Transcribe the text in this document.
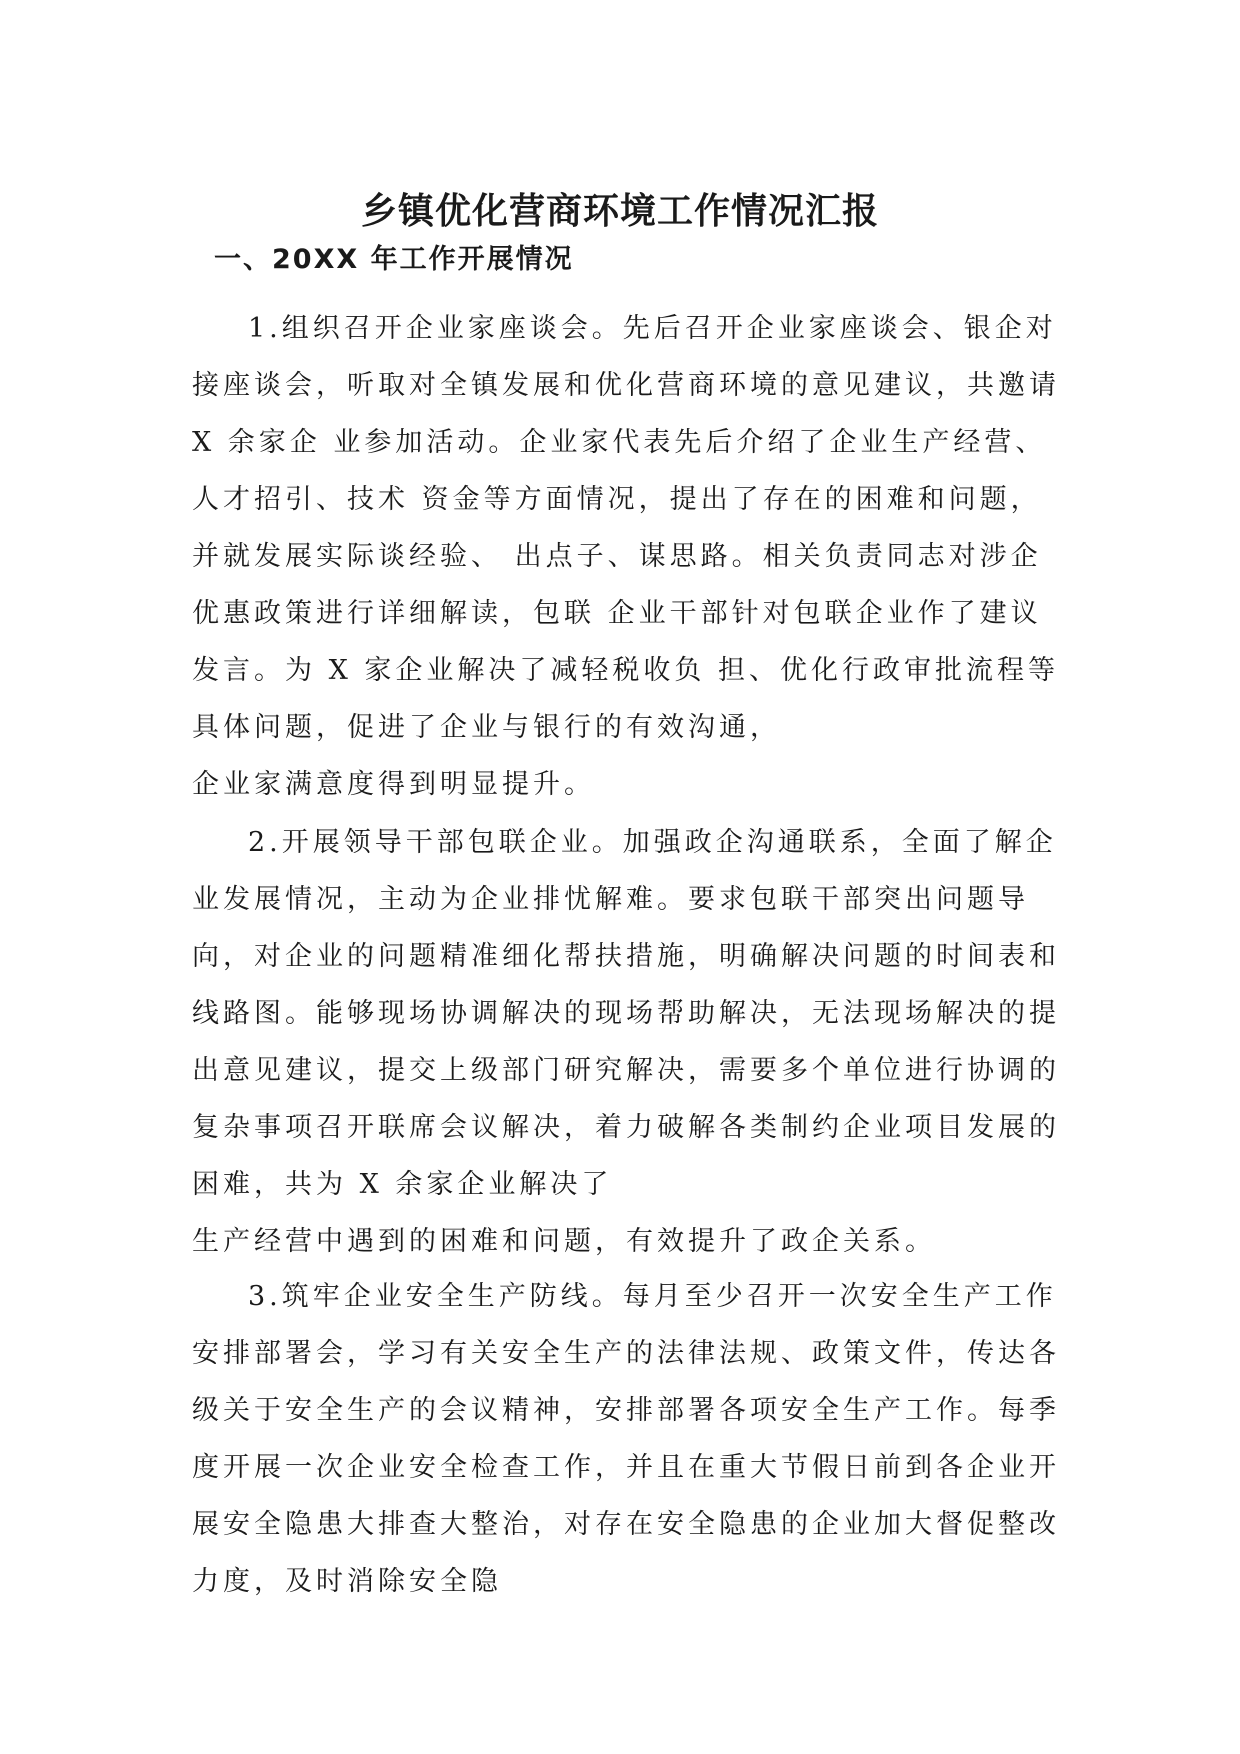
乡镇优化营商环境工作情况汇报
一、20XX 年工作开展情况

1.组织召开企业家座谈会。先后召开企业家座谈会、银企对接座谈会，听取对全镇发展和优化营商环境的意见建议，共邀请 X 余家企 业参加活动。企业家代表先后介绍了企业生产经营、人才招引、技术 资金等方面情况，提出了存在的困难和问题，并就发展实际谈经验、 出点子、谋思路。相关负责同志对涉企优惠政策进行详细解读，包联 企业干部针对包联企业作了建议发言。为 X 家企业解决了减轻税收负 担、优化行政审批流程等具体问题，促进了企业与银行的有效沟通，

企业家满意度得到明显提升。

2.开展领导干部包联企业。加强政企沟通联系，全面了解企业发展情况，主动为企业排忧解难。要求包联干部突出问题导向，对企业的问题精准细化帮扶措施，明确解决问题的时间表和线路图。能够现场协调解决的现场帮助解决，无法现场解决的提出意见建议，提交上级部门研究解决，需要多个单位进行协调的复杂事项召开联席会议解决，着力破解各类制约企业项目发展的困难，共为 X 余家企业解决了

生产经营中遇到的困难和问题，有效提升了政企关系。

3.筑牢企业安全生产防线。每月至少召开一次安全生产工作安排部署会，学习有关安全生产的法律法规、政策文件，传达各级关于安全生产的会议精神，安排部署各项安全生产工作。每季度开展一次企业安全检查工作，并且在重大节假日前到各企业开展安全隐患大排查大整治，对存在安全隐患的企业加大督促整改力度，及时消除安全隐
